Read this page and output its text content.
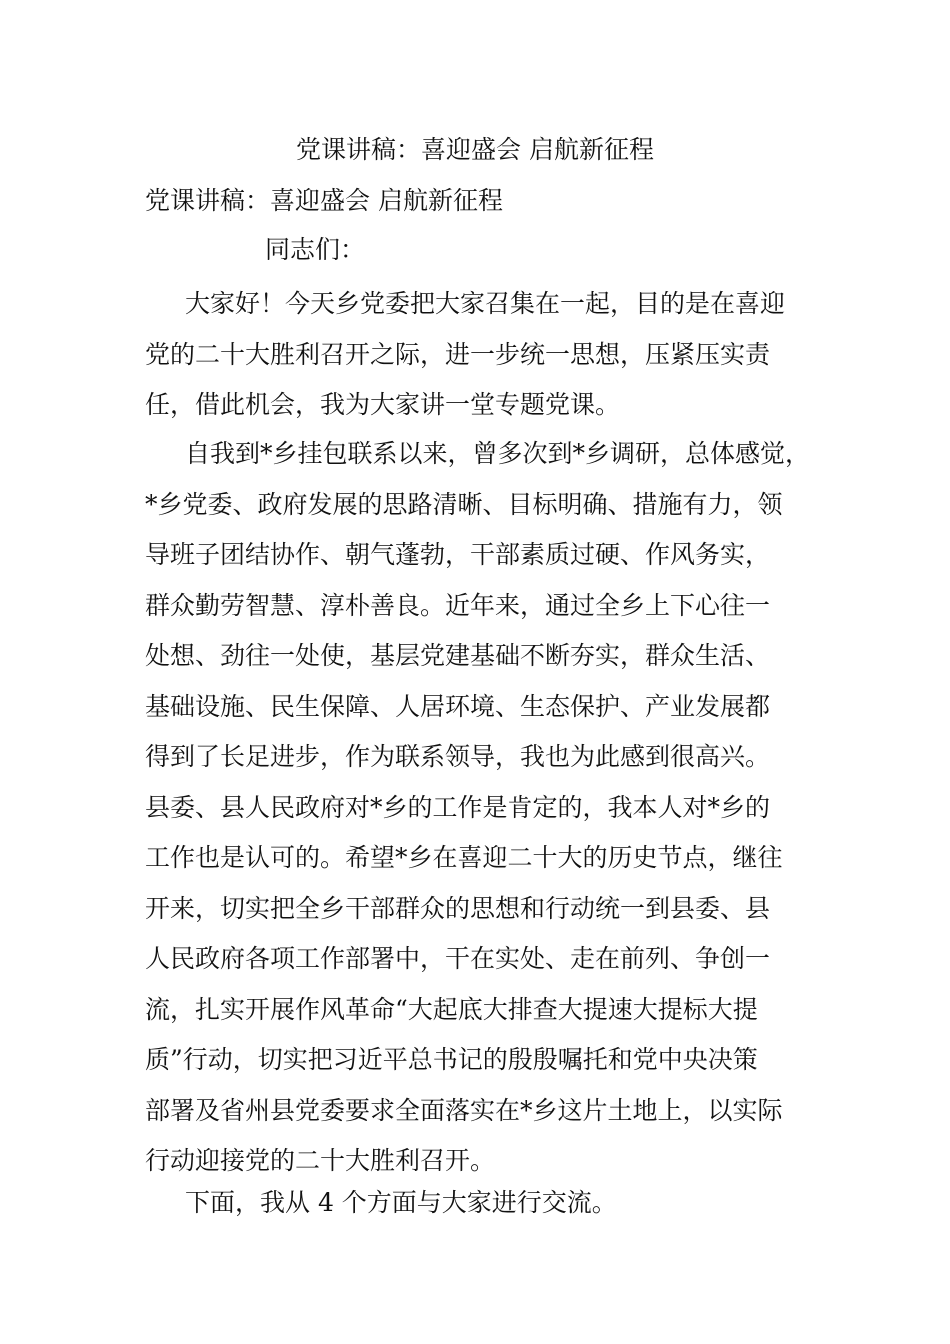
党课讲稿：喜迎盛会 启航新征程
党课讲稿：喜迎盛会 启航新征程
同志们：
大家好！今天乡党委把大家召集在一起，目的是在喜迎
党的二十大胜利召开之际，进一步统一思想，压紧压实责
任，借此机会，我为大家讲一堂专题党课。
自我到*乡挂包联系以来，曾多次到*乡调研，总体感觉，
*乡党委、政府发展的思路清晰、目标明确、措施有力，领
导班子团结协作、朝气蓬勃，干部素质过硬、作风务实，
群众勤劳智慧、淳朴善良。近年来，通过全乡上下心往一
处想、劲往一处使，基层党建基础不断夯实，群众生活、
基础设施、民生保障、人居环境、生态保护、产业发展都
得到了长足进步，作为联系领导，我也为此感到很高兴。
县委、县人民政府对*乡的工作是肯定的，我本人对*乡的
工作也是认可的。希望*乡在喜迎二十大的历史节点，继往
开来，切实把全乡干部群众的思想和行动统一到县委、县
人民政府各项工作部署中，干在实处、走在前列、争创一
流，扎实开展作风革命“大起底大排查大提速大提标大提
质”行动，切实把习近平总书记的殷殷嘱托和党中央决策
部署及省州县党委要求全面落实在*乡这片土地上，以实际
行动迎接党的二十大胜利召开。
下面，我从 4 个方面与大家进行交流。
